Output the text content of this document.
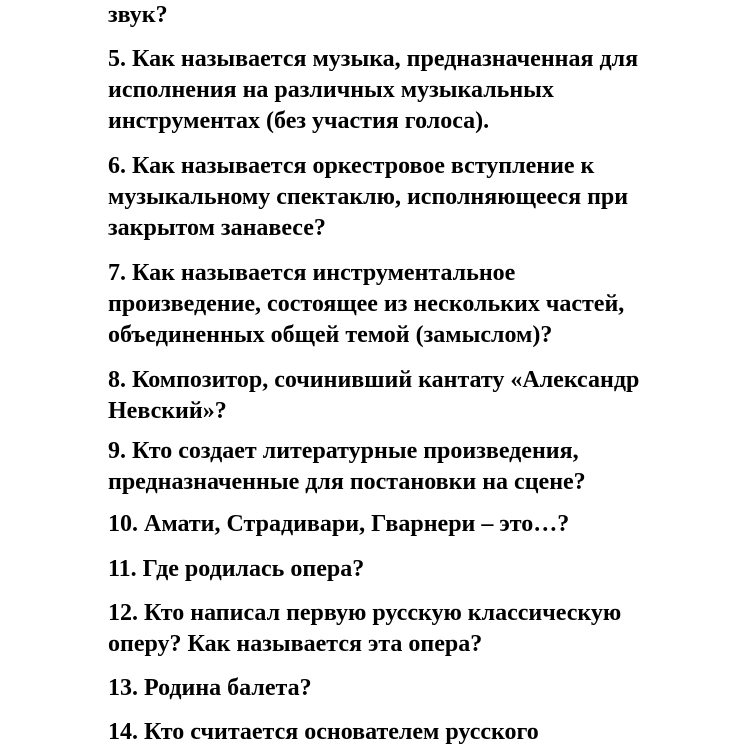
звук?

5. Как называется музыка, предназначенная для
исполнения на различных музыкальных
инструментах (без участия голоса).

6. Как называется оркестровое вступление к
музыкальному спектаклю, исполняющееся при
закрытом занавесе?

7. Как называется инструментальное
произведение, состоящее из нескольких частей,
объединенных общей темой (замыслом)?

8. Композитор, сочинивший кантату «Александр
Невский»?

9. Кто создает литературные произведения,
предназначенные для постановки на сцене?

10. Амати, Страдивари, Гварнери – это…?

11. Где родилась опера?

12. Кто написал первую русскую классическую
оперу? Как называется эта опера?

13. Родина балета?

14. Кто считается основателем русского
